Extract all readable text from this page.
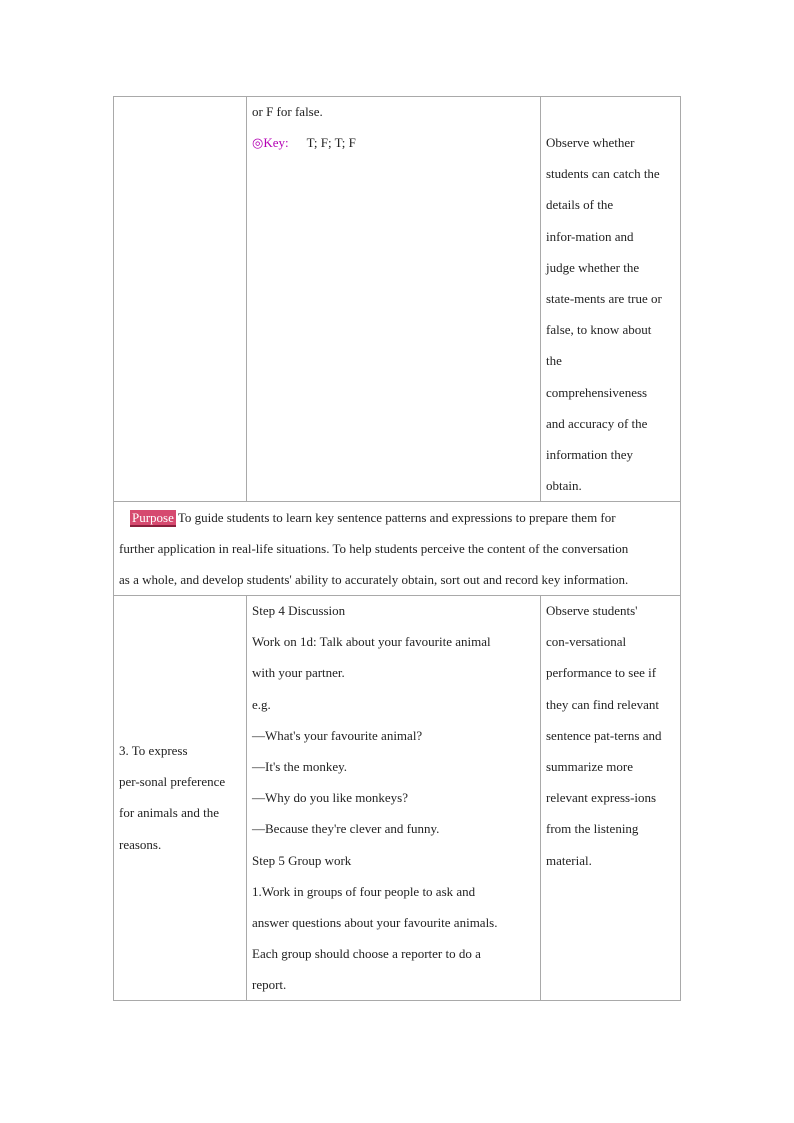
or F for false.

◎Key: T; F; T; F	Observe whether

students can catch the

details of the

infor-mation and

judge whether the

state-ments are true or

false, to know about

the

comprehensiveness

and accuracy of the

information they

obtain.

Purpose To guide students to learn key sentence patterns and expressions to prepare them for

further application in real-life situations. To help students perceive the content of the conversation

as a whole, and develop students' ability to accurately obtain, sort out and record key information.

3. To express

per-sonal preference

for animals and the

reasons.

Step 4 Discussion

Work on 1d: Talk about your favourite animal

with your partner.

e.g.

—What's your favourite animal?

—It's the monkey.

—Why do you like monkeys?

—Because they're clever and funny.

Step 5 Group work

1.Work in groups of four people to ask and

answer questions about your favourite animals.

Each group should choose a reporter to do a

report.

Observe students'

con-versational

performance to see if

they can find relevant

sentence pat-terns and

summarize more

relevant express-ions

from the listening

material.
